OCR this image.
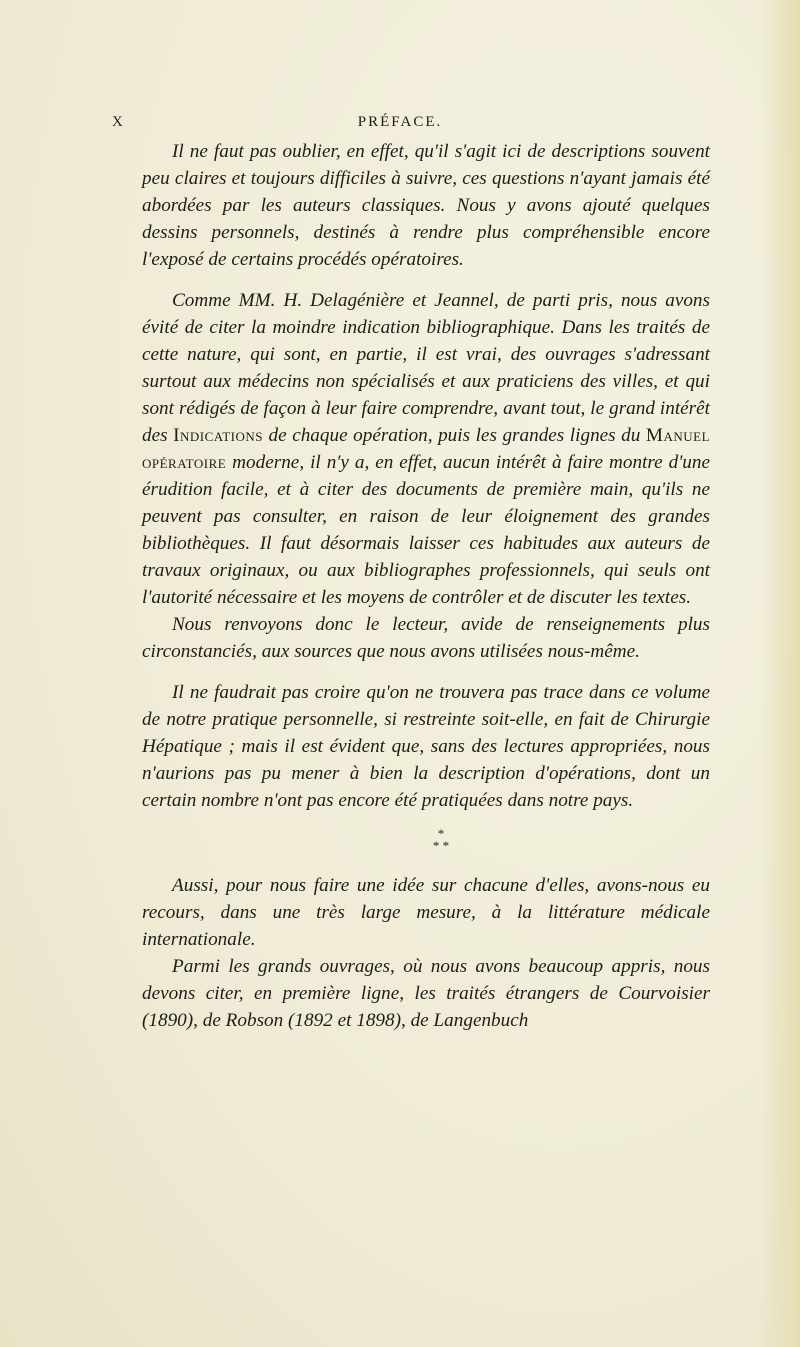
X	PRÉFACE.

Il ne faut pas oublier, en effet, qu'il s'agit ici de descriptions souvent peu claires et toujours difficiles à suivre, ces questions n'ayant jamais été abordées par les auteurs classiques. Nous y avons ajouté quelques dessins personnels, destinés à rendre plus compréhensible encore l'exposé de certains procédés opératoires.

Comme MM. H. Delagénière et Jeannel, de parti pris, nous avons évité de citer la moindre indication bibliographique. Dans les traités de cette nature, qui sont, en partie, il est vrai, des ouvrages s'adressant surtout aux médecins non spécialisés et aux praticiens des villes, et qui sont rédigés de façon à leur faire comprendre, avant tout, le grand intérêt des Indications de chaque opération, puis les grandes lignes du Manuel opératoire moderne, il n'y a, en effet, aucun intérêt à faire montre d'une érudition facile, et à citer des documents de première main, qu'ils ne peuvent pas consulter, en raison de leur éloignement des grandes bibliothèques. Il faut désormais laisser ces habitudes aux auteurs de travaux originaux, ou aux bibliographes professionnels, qui seuls ont l'autorité nécessaire et les moyens de contrôler et de discuter les textes.

Nous renvoyons donc le lecteur, avide de renseignements plus circonstanciés, aux sources que nous avons utilisées nous-même.

Il ne faudrait pas croire qu'on ne trouvera pas trace dans ce volume de notre pratique personnelle, si restreinte soit-elle, en fait de Chirurgie Hépatique ; mais il est évident que, sans des lectures appropriées, nous n'aurions pas pu mener à bien la description d'opérations, dont un certain nombre n'ont pas encore été pratiquées dans notre pays.

*
* *

Aussi, pour nous faire une idée sur chacune d'elles, avons-nous eu recours, dans une très large mesure, à la littérature médicale internationale.

Parmi les grands ouvrages, où nous avons beaucoup appris, nous devons citer, en première ligne, les traités étrangers de Courvoisier (1890), de Robson (1892 et 1898), de Langenbuch
